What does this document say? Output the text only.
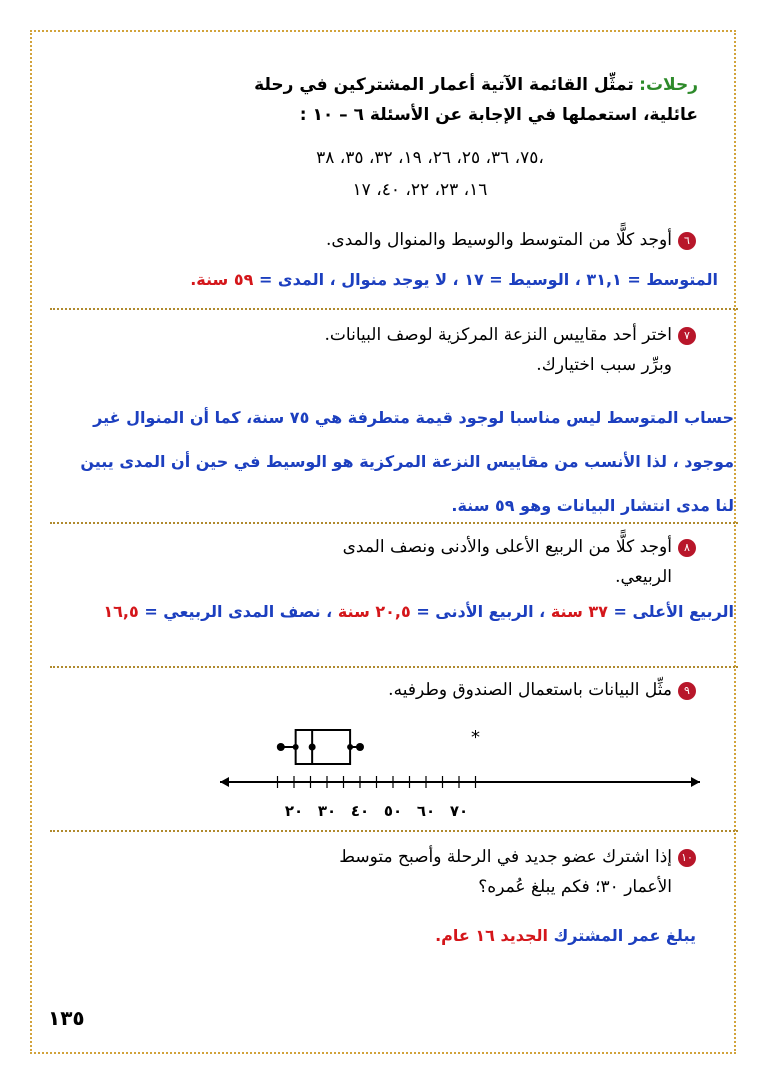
رحلات: تمثِّل القائمة الآتية أعمار المشتركين في رحلة
عائلية، استعملها في الإجابة عن الأسئلة ٦ – ١٠ :
٧٥، ٣٦، ٢٥، ٢٦، ١٩، ٣٢، ٣٥، ٣٨،
١٦، ٢٣، ٢٢، ٤٠، ١٧
٦أوجد كلًّا من المتوسط والوسيط والمنوال والمدى.
المتوسط = ٣١,١ ، الوسيط = ١٧ ، لا يوجد منوال ، المدى = ٥٩ سنة.
٧اختر أحد مقاييس النزعة المركزية لوصف البيانات.
وبرِّر سبب اختيارك.
حساب المتوسط ليس مناسبا لوجود قيمة متطرفة هي ٧٥ سنة، كما أن المنوال غير
موجود ، لذا الأنسب من مقاييس النزعة المركزية هو الوسيط في حين أن المدى يبين
لنا مدى انتشار البيانات وهو ٥٩ سنة.
٨أوجد كلًّا من الربيع الأعلى والأدنى ونصف المدى
الربيعي.
الربيع الأعلى = ٣٧ سنة ، الربيع الأدنى = ٢٠,٥ سنة ، نصف المدى الربيعي = ١٦,٥
٩مثِّل البيانات باستعمال الصندوق وطرفيه.
*
٢٠ ٣٠ ٤٠ ٥٠ ٦٠ ٧٠
١٠إذا اشترك عضو جديد في الرحلة وأصبح متوسط
الأعمار ٣٠؛ فكم يبلغ عُمره؟
يبلغ عمر المشترك الجديد ١٦ عام.
١٣٥
